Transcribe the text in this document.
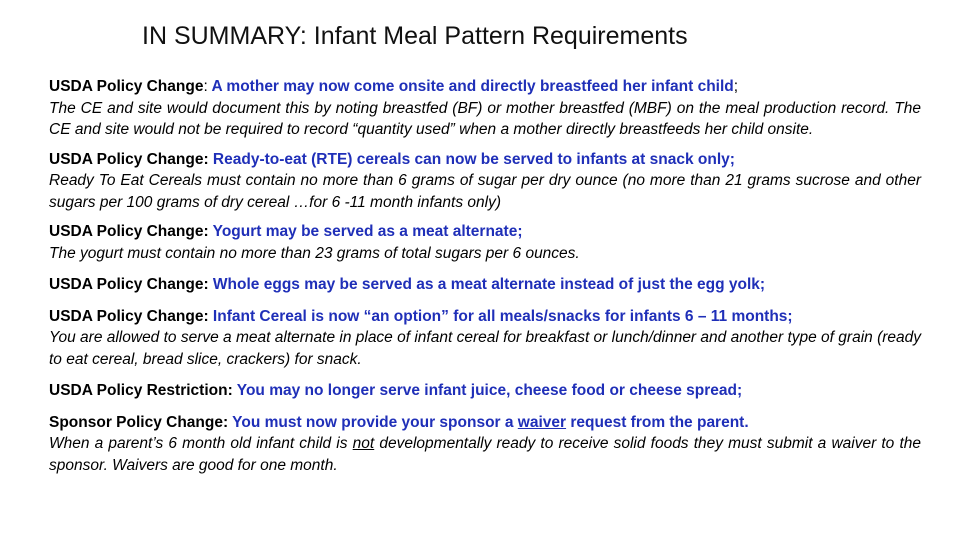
IN SUMMARY: Infant Meal Pattern Requirements
USDA Policy Change: A mother may now come onsite and directly breastfeed her infant child;
The CE and site would document this by noting breastfed (BF) or mother breastfed (MBF) on the meal production record. The CE and site would not be required to record “quantity used” when a mother directly breastfeeds her child onsite.
USDA Policy Change: Ready-to-eat (RTE) cereals can now be served to infants at snack only;
Ready To Eat Cereals must contain no more than 6 grams of sugar per dry ounce (no more than 21 grams sucrose and other sugars per 100 grams of dry cereal …for 6 -11 month infants only)
USDA Policy Change: Yogurt may be served as a meat alternate;
The yogurt must contain no more than 23 grams of total sugars per 6 ounces.
USDA Policy Change: Whole eggs may be served as a meat alternate instead of just the egg yolk;
USDA Policy Change: Infant Cereal is now “an option” for all meals/snacks for infants 6 – 11 months;
You are allowed to serve a meat alternate in place of infant cereal for breakfast or lunch/dinner and another type of grain (ready to eat cereal, bread slice, crackers) for snack.
USDA Policy Restriction: You may no longer serve infant juice, cheese food or cheese spread;
Sponsor Policy Change: You must now provide your sponsor a waiver request from the parent.
When a parent’s 6 month old infant child is not developmentally ready to receive solid foods they must submit a waiver to the sponsor. Waivers are good for one month.
